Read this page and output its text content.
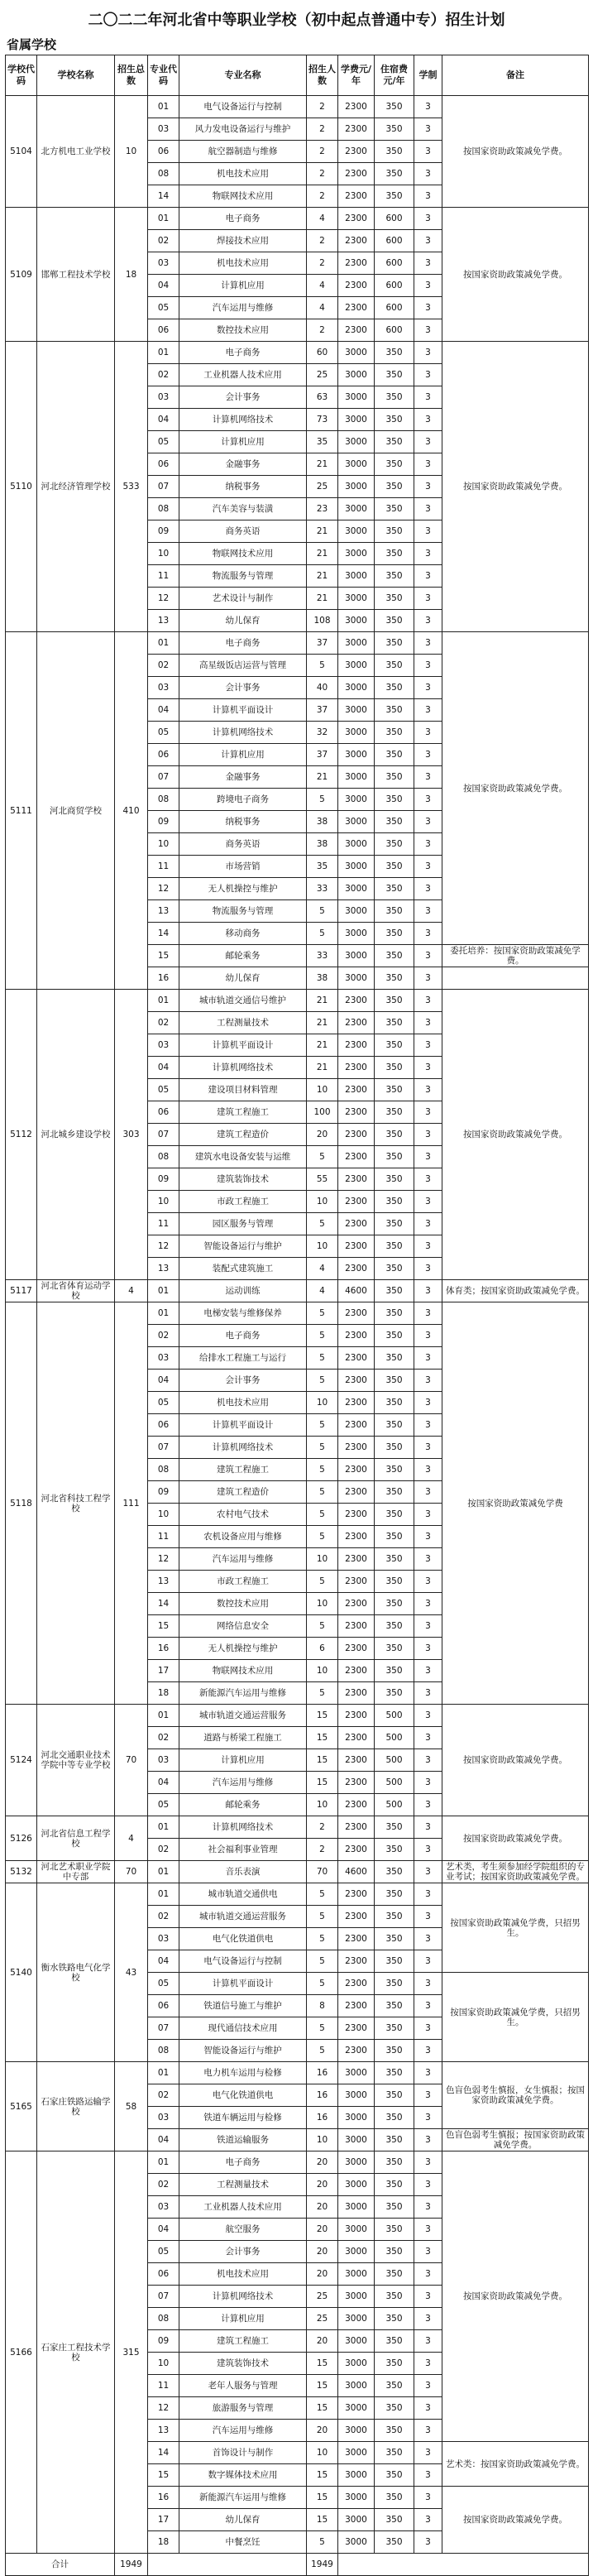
二〇二二年河北省中等职业学校（初中起点普通中专）招生计划
省属学校
学校代码	学校名称	招生总数	专业代码	专业名称	招生人数	学费元/年	住宿费元/年	学制	备注
5104	北方机电工业学校	10	01	电气设备运行与控制	2	2300	350	3	按国家资助政策减免学费。
			03	风力发电设备运行与维护	2	2300	350	3	
			06	航空器制造与维修	2	2300	350	3	
			08	机电技术应用	2	2300	350	3	
			14	物联网技术应用	2	2300	350	3	
5109	邯郸工程技术学校	18	01	电子商务	4	2300	600	3	按国家资助政策减免学费。
			02	焊接技术应用	2	2300	600	3	
			03	机电技术应用	2	2300	600	3	
			04	计算机应用	4	2300	600	3	
			05	汽车运用与维修	4	2300	600	3	
			06	数控技术应用	2	2300	600	3	
5110	河北经济管理学校	533	01	电子商务	60	3000	350	3	按国家资助政策减免学费。
			02	工业机器人技术应用	25	3000	350	3	
			03	会计事务	63	3000	350	3	
			04	计算机网络技术	73	3000	350	3	
			05	计算机应用	35	3000	350	3	
			06	金融事务	21	3000	350	3	
			07	纳税事务	25	3000	350	3	
			08	汽车美容与装潢	23	3000	350	3	
			09	商务英语	21	3000	350	3	
			10	物联网技术应用	21	3000	350	3	
			11	物流服务与管理	21	3000	350	3	
			12	艺术设计与制作	21	3000	350	3	
			13	幼儿保育	108	3000	350	3	
5111	河北商贸学校	410	01	电子商务	37	3000	350	3	按国家资助政策减免学费。
			02	高星级饭店运营与管理	5	3000	350	3	
			03	会计事务	40	3000	350	3	
			04	计算机平面设计	37	3000	350	3	
			05	计算机网络技术	32	3000	350	3	
			06	计算机应用	37	3000	350	3	
			07	金融事务	21	3000	350	3	
			08	跨境电子商务	5	3000	350	3	
			09	纳税事务	38	3000	350	3	
			10	商务英语	38	3000	350	3	
			11	市场营销	35	3000	350	3	
			12	无人机操控与维护	33	3000	350	3	
			13	物流服务与管理	5	3000	350	3	
			14	移动商务	5	3000	350	3	
			15	邮轮乘务	33	3000	350	3	委托培养：按国家资助政策减免学费。
			16	幼儿保育	38	3000	350	3	
5112	河北城乡建设学校	303	01	城市轨道交通信号维护	21	2300	350	3	按国家资助政策减免学费。
			02	工程测量技术	21	2300	350	3	
			03	计算机平面设计	21	2300	350	3	
			04	计算机网络技术	21	2300	350	3	
			05	建设项目材料管理	10	2300	350	3	
			06	建筑工程施工	100	2300	350	3	
			07	建筑工程造价	20	2300	350	3	
			08	建筑水电设备安装与运维	5	2300	350	3	
			09	建筑装饰技术	55	2300	350	3	
			10	市政工程施工	10	2300	350	3	
			11	园区服务与管理	5	2300	350	3	
			12	智能设备运行与维护	10	2300	350	3	
			13	装配式建筑施工	4	2300	350	3	
5117	河北省体育运动学校	4	01	运动训练	4	4600	350	3	体育类；按国家资助政策减免学费。
5118	河北省科技工程学校	111	01	电梯安装与维修保养	5	2300	350	3	按国家资助政策减免学费
			02	电子商务	5	2300	350	3	
			03	给排水工程施工与运行	5	2300	350	3	
			04	会计事务	5	2300	350	3	
			05	机电技术应用	10	2300	350	3	
			06	计算机平面设计	5	2300	350	3	
			07	计算机网络技术	5	2300	350	3	
			08	建筑工程施工	5	2300	350	3	
			09	建筑工程造价	5	2300	350	3	
			10	农村电气技术	5	2300	350	3	
			11	农机设备应用与维修	5	2300	350	3	
			12	汽车运用与维修	10	2300	350	3	
			13	市政工程施工	5	2300	350	3	
			14	数控技术应用	10	2300	350	3	
			15	网络信息安全	5	2300	350	3	
			16	无人机操控与维护	6	2300	350	3	
			17	物联网技术应用	10	2300	350	3	
			18	新能源汽车运用与维修	5	2300	350	3	
5124	河北交通职业技术学院中等专业学校	70	01	城市轨道交通运营服务	15	2300	500	3	按国家资助政策减免学费。
			02	道路与桥梁工程施工	15	2300	500	3	
			03	计算机应用	15	2300	500	3	
			04	汽车运用与维修	15	2300	500	3	
			05	邮轮乘务	10	2300	500	3	
5126	河北省信息工程学校	4	01	计算机网络技术	2	2300	350	3	按国家资助政策减免学费。
			02	社会福利事业管理	2	2300	350	3	
5132	河北艺术职业学院中专部	70	01	音乐表演	70	4600	350	3	艺术类，考生须参加经学院组织的专业考试；按国家资助政策减免学费。
5140	衡水铁路电气化学校	43	01	城市轨道交通供电	5	2300	350	3	按国家资助政策减免学费，只招男生。
			02	城市轨道交通运营服务	5	2300	350	3	
			03	电气化铁道供电	5	2300	350	3	
			04	电气设备运行与控制	5	2300	350	3	
			05	计算机平面设计	5	2300	350	3	按国家资助政策减免学费，只招男生。
			06	铁道信号施工与维护	8	2300	350	3	
			07	现代通信技术应用	5	2300	350	3	
			08	智能设备运行与维护	5	2300	350	3	
5165	石家庄铁路运输学校	58	01	电力机车运用与检修	16	3000	350	3	色盲色弱考生慎报，女生慎报；按国家资助政策减免学费。
			02	电气化铁道供电	16	3000	350	3	
			03	铁道车辆运用与检修	16	3000	350	3	
			04	铁道运输服务	10	3000	350	3	色盲色弱考生慎报；按国家资助政策减免学费。
5166	石家庄工程技术学校	315	01	电子商务	20	3000	350	3	按国家资助政策减免学费。
			02	工程测量技术	20	3000	350	3	
			03	工业机器人技术应用	20	3000	350	3	
			04	航空服务	20	3000	350	3	
			05	会计事务	20	3000	350	3	
			06	机电技术应用	20	3000	350	3	
			07	计算机网络技术	25	3000	350	3	
			08	计算机应用	25	3000	350	3	
			09	建筑工程施工	20	3000	350	3	
			10	建筑装饰技术	15	3000	350	3	
			11	老年人服务与管理	15	3000	350	3	
			12	旅游服务与管理	15	3000	350	3	
			13	汽车运用与维修	20	3000	350	3	
			14	首饰设计与制作	10	3000	350	3	艺术类：按国家资助政策减免学费。
			15	数字媒体技术应用	15	3000	350	3	
			16	新能源汽车运用与维修	15	3000	350	3	按国家资助政策减免学费。
			17	幼儿保育	15	3000	350	3	
			18	中餐烹饪	5	3000	350	3	
合计		1949			1949				
